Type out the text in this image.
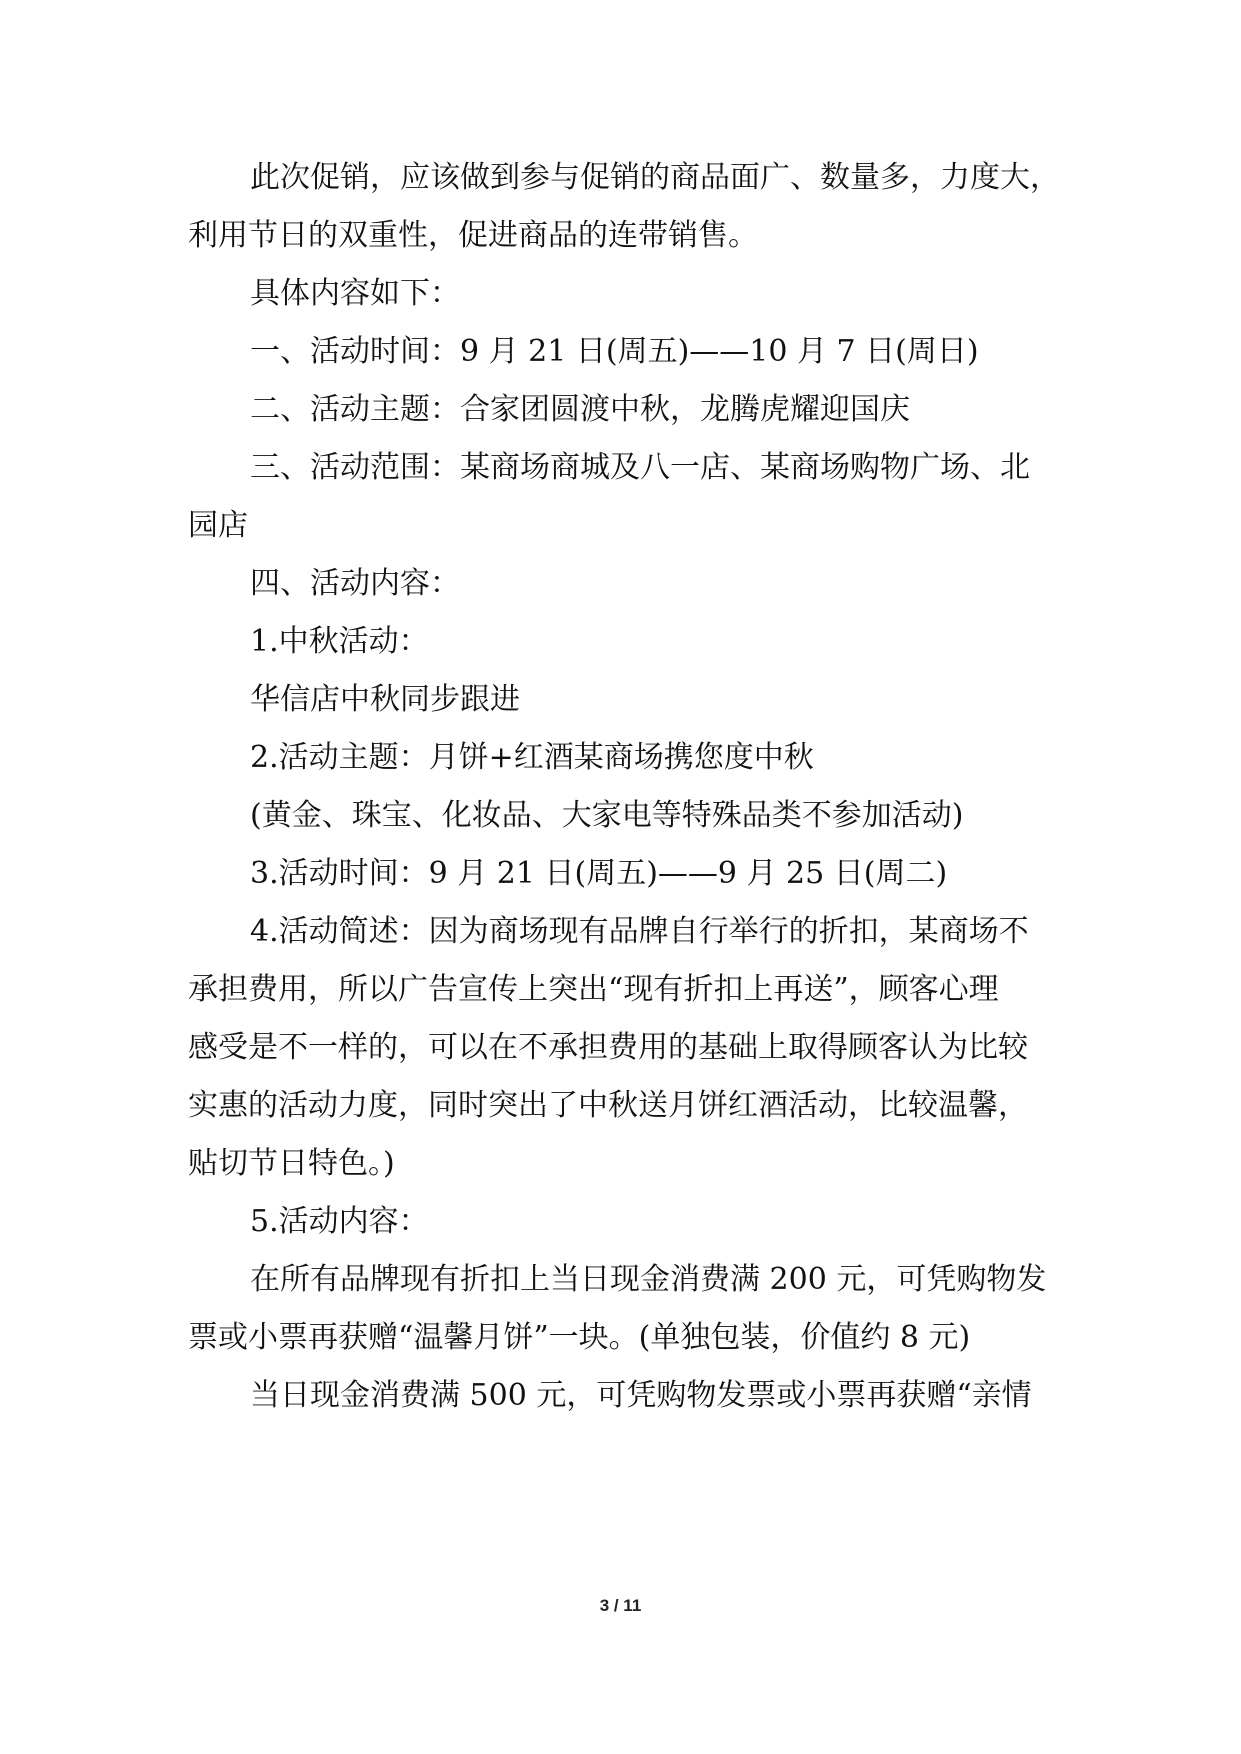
此次促销，应该做到参与促销的商品面广、数量多，力度大，
利用节日的双重性，促进商品的连带销售。
具体内容如下：
一、活动时间：9 月 21 日(周五)——10 月 7 日(周日)
二、活动主题：合家团圆渡中秋，龙腾虎耀迎国庆
三、活动范围：某商场商城及八一店、某商场购物广场、北
园店
四、活动内容：
1.中秋活动：
华信店中秋同步跟进
2.活动主题：月饼+红酒某商场携您度中秋
(黄金、珠宝、化妆品、大家电等特殊品类不参加活动)
3.活动时间：9 月 21 日(周五)——9 月 25 日(周二)
4.活动简述：因为商场现有品牌自行举行的折扣，某商场不
承担费用，所以广告宣传上突出“现有折扣上再送”，顾客心理
感受是不一样的，可以在不承担费用的基础上取得顾客认为比较
实惠的活动力度，同时突出了中秋送月饼红酒活动，比较温馨，
贴切节日特色。)
5.活动内容：
在所有品牌现有折扣上当日现金消费满 200 元，可凭购物发
票或小票再获赠“温馨月饼”一块。(单独包装，价值约 8 元)
当日现金消费满 500 元，可凭购物发票或小票再获赠“亲情
3 / 11
